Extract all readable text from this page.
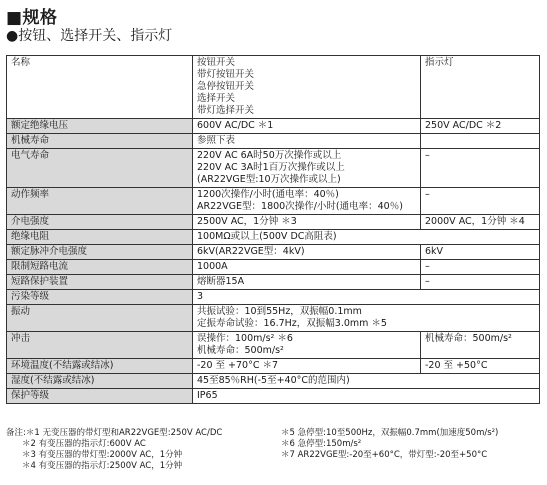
■规格
●按钮、选择开关、指示灯
名称	按钮开关
带灯按钮开关
急停按钮开关
选择开关
带灯选择开关	指示灯
额定绝缘电压	600V AC/DC ＊1	250V AC/DC ＊2

机械寿命	参照下表	

电气寿命	220V AC 6A时50万次操作或以上
220V AC 3A时1百万次操作或以上
(AR22VGE型:10万次操作或以上)	–

动作频率	1200次操作/小时(通电率：40％)
AR22VGE型：1800次操作/小时(通电率：40％)	–

介电强度	2500V AC，1分钟 ＊3	2000V AC，1分钟 ＊4

绝缘电阻	100MΩ或以上(500V DC高阻表)	

额定脉冲介电强度	6kV(AR22VGE型：4kV)	6kV

限制短路电流	1000A	–

短路保护装置	熔断器15A	–

污染等级	3	

振动	共振试验：10到55Hz，双振幅0.1mm
定振寿命试验：16.7Hz，双振幅3.0mm ＊5	

冲击	误操作：100m/s² ＊6
机械寿命：500m/s²	机械寿命：500m/s²

环境温度(不结露或结冰)	-20 至 +70°C ＊7	-20 至 +50°C

湿度(不结露或结冰)	45至85％RH(-5至+40°C的范围内)	

保护等级	IP65	
备注:＊1 无变压器的带灯型和AR22VGE型:250V AC/DC
＊2 有变压器的指示灯:600V AC
＊3 有变压器的带灯型:2000V AC，1分钟
＊4 有变压器的指示灯:2500V AC，1分钟
＊5 急停型:10至500Hz，双振幅0.7mm(加速度50m/s²)
＊6 急停型:150m/s²
＊7 AR22VGE型:-20至+60°C，带灯型:-20至+50°C
